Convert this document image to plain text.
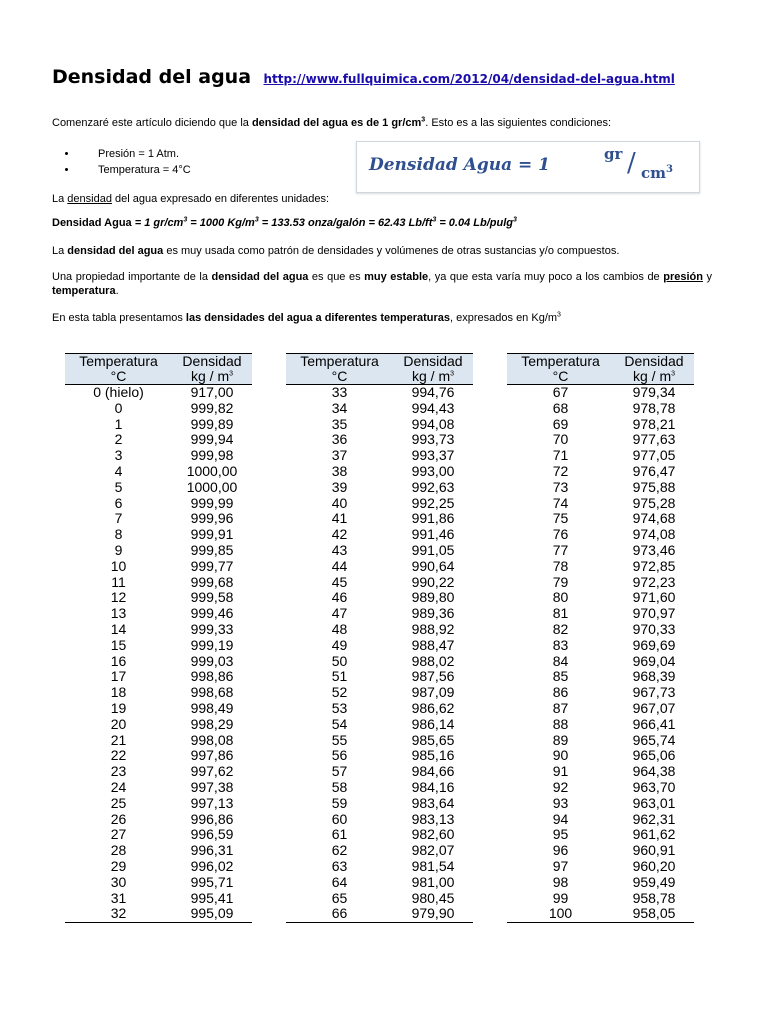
Densidad del agua http://www.fullquimica.com/2012/04/densidad-del-agua.html
Comenzaré este artículo diciendo que la densidad del agua es de 1 $gr/cm^3$. Esto es a las siguientes condiciones:
• Presión = 1 Atm.
• Temperatura = 4°C	Densidad Agua = 1
gr / $cm^3$
La densidad del agua expresado en diferentes unidades:
Densidad Agua = 1 $gr/cm^3 = 1000$ $Kg/m^3 = 133.53$ onza/galón = 62.43 $Lb/ft^3 = 0.04$ Lb/pulg$^3$
La densidad del agua es muy usada como patrón de densidades y volúmenes de otras sustancias y/o compuestos.
Una propiedad importante de la densidad del agua es que es muy estable, ya que esta varía muy poco a los cambios de presión y temperatura.
En esta tabla presentamos las densidades del agua a diferentes temperaturas, expresados en $Kg/m^3$
Temperatura
°C	Densidad
kg / $m^3$
0 (hielo)	917,00
0	999,82
1	999,89
2	999,94
3	999,98
4	1000,00
5	1000,00
6	999,99
7	999,96
8	999,91
9	999,85
10	999,77
11	999,68
12	999,58
13	999,46
14	999,33
15	999,19
16	999,03
17	998,86
18	998,68
19	998,49
20	998,29
21	998,08
22	997,86
23	997,62
24	997,38
25	997,13
26	996,86
27	996,59
28	996,31
29	996,02
30	995,71
31	995,41
32	995,09
Temperatura
°C	Densidad
kg / $m^3$
33	994,76
34	994,43
35	994,08
36	993,73
37	993,37
38	993,00
39	992,63
40	992,25
41	991,86
42	991,46
43	991,05
44	990,64
45	990,22
46	989,80
47	989,36
48	988,92
49	988,47
50	988,02
51	987,56
52	987,09
53	986,62
54	986,14
55	985,65
56	985,16
57	984,66
58	984,16
59	983,64
60	983,13
61	982,60
62	982,07
63	981,54
64	981,00
65	980,45
66	979,90
Temperatura
°C	Densidad
kg / $m^3$
67	979,34
68	978,78
69	978,21
70	977,63
71	977,05
72	976,47
73	975,88
74	975,28
75	974,68
76	974,08
77	973,46
78	972,85
79	972,23
80	971,60
81	970,97
82	970,33
83	969,69
84	969,04
85	968,39
86	967,73
87	967,07
88	966,41
89	965,74
90	965,06
91	964,38
92	963,70
93	963,01
94	962,31
95	961,62
96	960,91
97	960,20
98	959,49
99	958,78
100	958,05
